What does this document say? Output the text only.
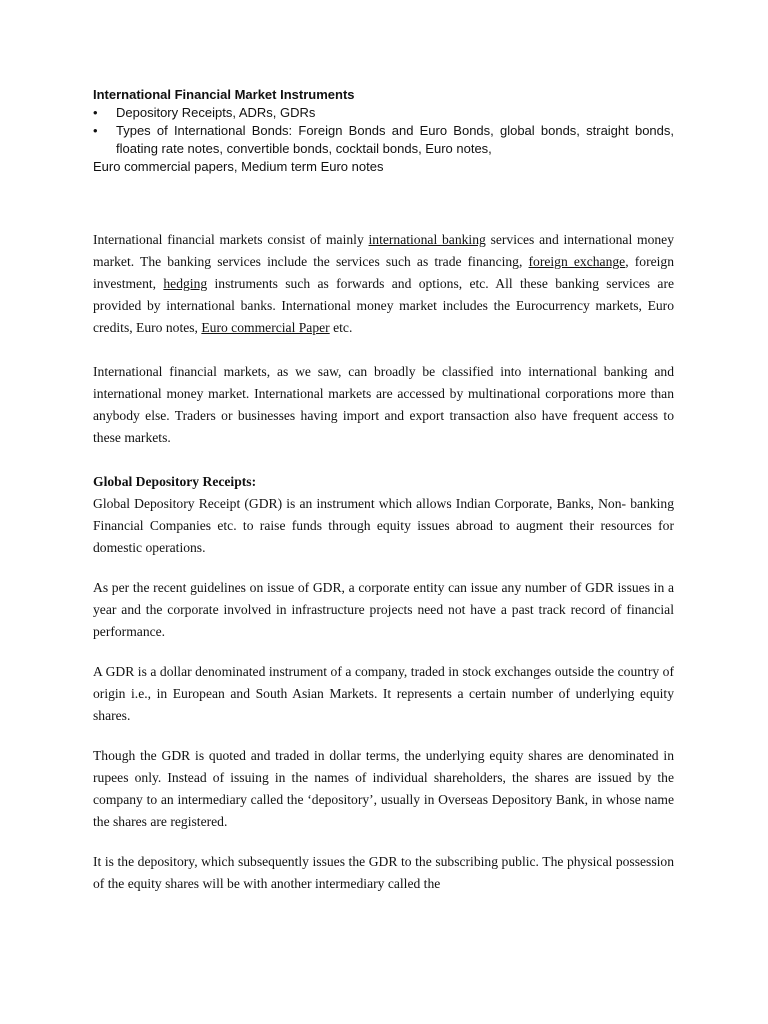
International Financial Market Instruments

• Depository Receipts, ADRs, GDRs
• Types of International Bonds: Foreign Bonds and Euro Bonds, global bonds, straight bonds, floating rate notes, convertible bonds, cocktail bonds, Euro notes,

Euro commercial papers, Medium term Euro notes

International financial markets consist of mainly international banking services and international money market. The banking services include the services such as trade financing, foreign exchange, foreign investment, hedging instruments such as forwards and options, etc. All these banking services are provided by international banks. International money market includes the Eurocurrency markets, Euro credits, Euro notes, Euro commercial Paper etc.

International financial markets, as we saw, can broadly be classified into international banking and international money market. International markets are accessed by multinational corporations more than anybody else. Traders or businesses having import and export transaction also have frequent access to these markets.

Global Depository Receipts:

Global Depository Receipt (GDR) is an instrument which allows Indian Corporate, Banks, Non- banking Financial Companies etc. to raise funds through equity issues abroad to augment their resources for domestic operations.

As per the recent guidelines on issue of GDR, a corporate entity can issue any number of GDR issues in a year and the corporate involved in infrastructure projects need not have a past track record of financial performance.

A GDR is a dollar denominated instrument of a company, traded in stock exchanges outside the country of origin i.e., in European and South Asian Markets. It represents a certain number of underlying equity shares.

Though the GDR is quoted and traded in dollar terms, the underlying equity shares are denominated in rupees only. Instead of issuing in the names of individual shareholders, the shares are issued by the company to an intermediary called the ‘depository’, usually in Overseas Depository Bank, in whose name the shares are registered.

It is the depository, which subsequently issues the GDR to the subscribing public. The physical possession of the equity shares will be with another intermediary called the
